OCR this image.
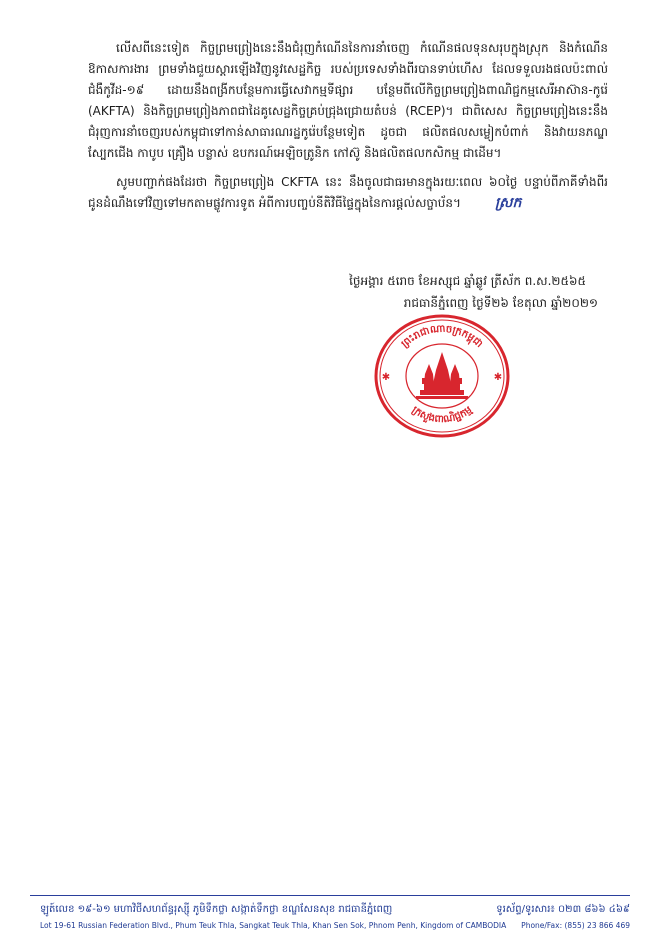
លើសពីនេះទៀត កិច្ចព្រមព្រៀងនេះនឹងជំរុញកំណើននៃការនាំចេញ កំណើនផលទុនសរុបក្នុងស្រុក និងកំណើនឱកាសការងារ ព្រមទាំងជួយស្តារឡើងវិញនូវសេដ្ឋកិច្ច របស់ប្រទេសទាំងពីរបានទាប់ហើស ដែលទទួលរងផលប៉ះពាល់ជំងឺកូវីដ-១៩ ដោយនឹងពង្រីកបន្ថែមការធ្វើសេវាកម្មទីផ្សារ បន្ថែមពីលើកិច្ចព្រមព្រៀងពាណិជ្ជកម្មសេរីអាស៊ាន-កូរ៉េ (AKFTA) និងកិច្ចព្រមព្រៀងភាពជាដៃគូសេដ្ឋកិច្ចគ្រប់ជ្រុងជ្រោយតំបន់ (RCEP)។ ជាពិសេស កិច្ចព្រមព្រៀងនេះនឹងជំរុញការនាំចេញរបស់កម្ពុជាទៅកាន់សាធារណរដ្ឋកូរ៉េបន្ថែមទៀត ដូចជា ផលិតផលសម្លៀកបំពាក់ និងវាយនភណ្ឌ ស្បែកជើង កាបូប គ្រឿង បន្លាស់ ឧបករណ៍អេឡិចត្រូនិក កៅស៊ូ និងផលិតផលកសិកម្ម ជាដើម។

សូមបញ្ជាក់ផងដែរថា កិច្ចព្រមព្រៀង CKFTA នេះ នឹងចូលជាធរមានក្នុងរយៈពេល ៦០ថ្ងៃ បន្ទាប់ពីភាគីទាំងពីរ ជូនដំណឹងទៅវិញទៅមកតាមផ្លូវការទូត អំពីការបញ្ចប់នីតិវិធីផ្ទៃក្នុងនៃការផ្តល់សច្ចាប័ន។ ស្រក

ថ្ងៃអង្គារ ៥រោច ខែអស្សុជ ឆ្នាំឆ្លូវ ត្រីស័ក ព.ស.២៥៦៥
រាជធានីភ្នំពេញ ថ្ងៃទី២៦ ខែតុលា ឆ្នាំ២០២១
ព្រះរាជាណាចក្រកម្ពុជា
ក្រសួងពាណិជ្ជកម្ម
✱	✱
ឡូត៍លេខ ១៩-៦១ មហាវិថីសហព័ន្ធរុស្ស៊ី ភូមិទឹកថ្លា សង្កាត់ទឹកថ្លា ខណ្ឌសែនសុខ រាជធានីភ្នំពេញ	ទូរស័ព្ទ/ទូរសារ៖ ០២៣ ៨៦៦ ៤៦៩
Lot 19-61 Russian Federation Blvd., Phum Teuk Thla, Sangkat Teuk Thla, Khan Sen Sok, Phnom Penh, Kingdom of CAMBODIA Phone/Fax: (855) 23 866 469
